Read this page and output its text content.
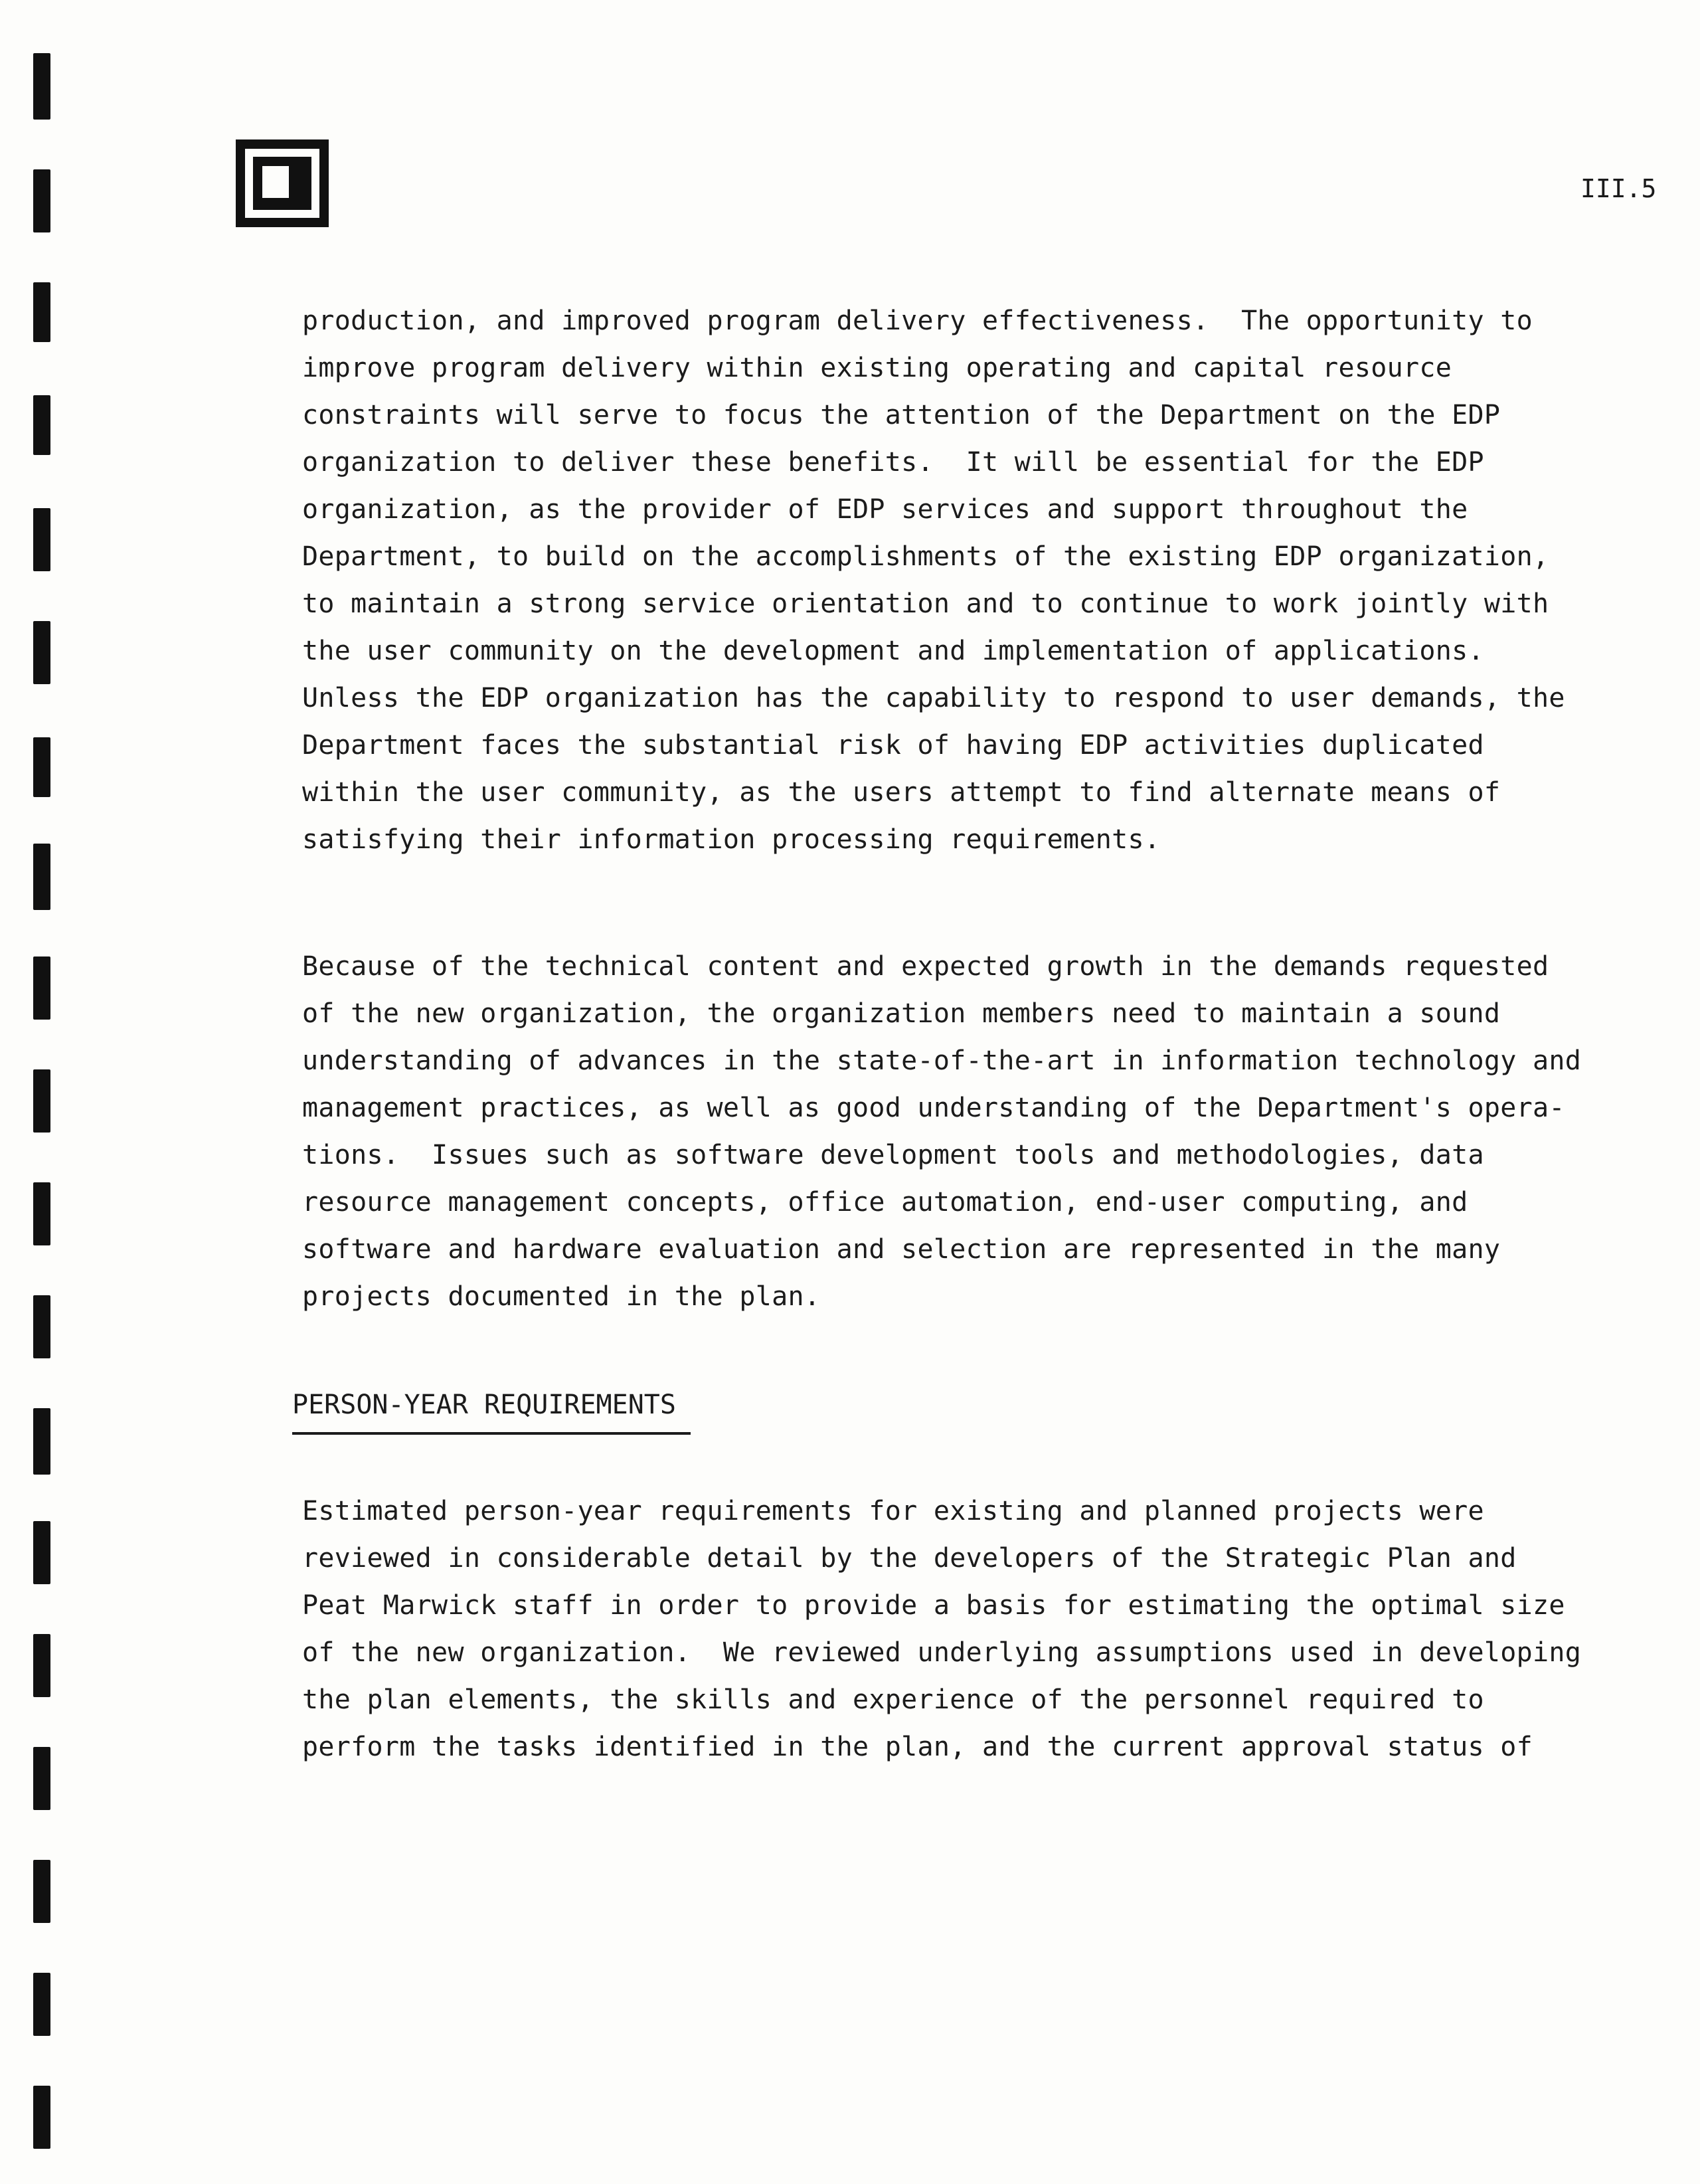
III.5
production, and improved program delivery effectiveness.  The opportunity to
improve program delivery within existing operating and capital resource
constraints will serve to focus the attention of the Department on the EDP
organization to deliver these benefits.  It will be essential for the EDP
organization, as the provider of EDP services and support throughout the
Department, to build on the accomplishments of the existing EDP organization,
to maintain a strong service orientation and to continue to work jointly with
the user community on the development and implementation of applications.
Unless the EDP organization has the capability to respond to user demands, the
Department faces the substantial risk of having EDP activities duplicated
within the user community, as the users attempt to find alternate means of
satisfying their information processing requirements.
Because of the technical content and expected growth in the demands requested
of the new organization, the organization members need to maintain a sound
understanding of advances in the state-of-the-art in information technology and
management practices, as well as good understanding of the Department's opera-
tions.  Issues such as software development tools and methodologies, data
resource management concepts, office automation, end-user computing, and
software and hardware evaluation and selection are represented in the many
projects documented in the plan.
PERSON-YEAR REQUIREMENTS
Estimated person-year requirements for existing and planned projects were
reviewed in considerable detail by the developers of the Strategic Plan and
Peat Marwick staff in order to provide a basis for estimating the optimal size
of the new organization.  We reviewed underlying assumptions used in developing
the plan elements, the skills and experience of the personnel required to
perform the tasks identified in the plan, and the current approval status of
